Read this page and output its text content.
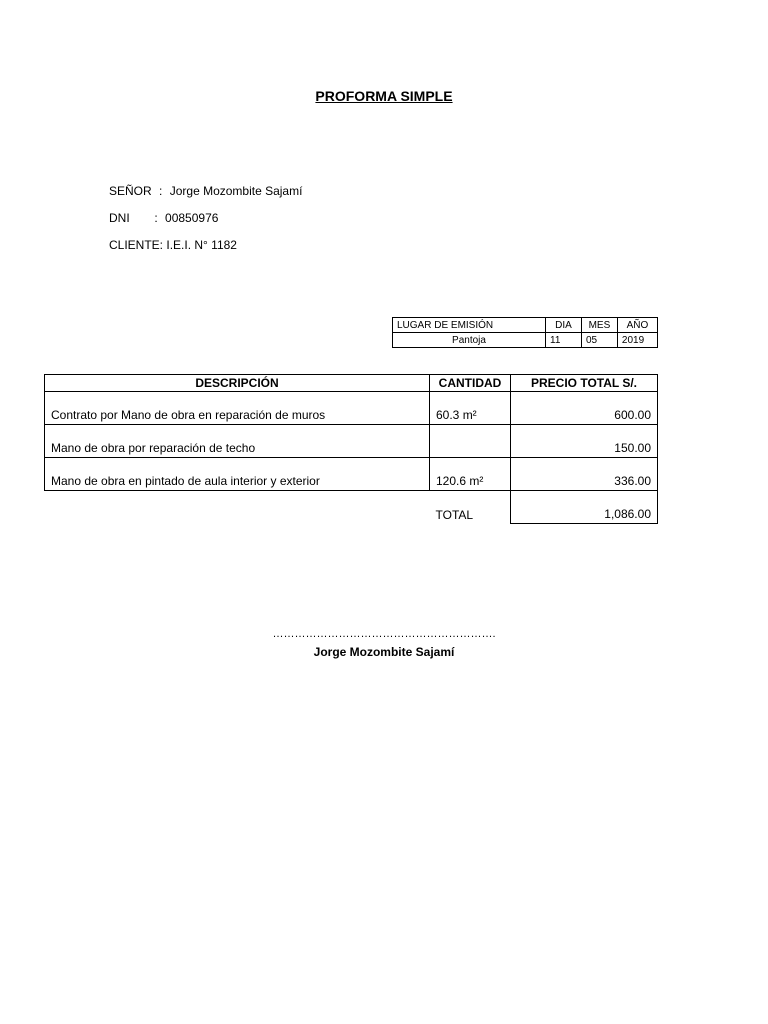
PROFORMA SIMPLE
SEÑOR : Jorge Mozombite Sajamí
DNI : 00850976
CLIENTE: I.E.I. N° 1182
LUGAR DE EMISIÓN	DIA	MES	AÑO
Pantoja	11	05	2019
DESCRIPCIÓN	CANTIDAD	PRECIO TOTAL S/.
Contrato por Mano de obra en reparación de muros	60.3 m²	600.00
Mano de obra por reparación de techo		150.00
Mano de obra en pintado de aula interior y exterior	120.6 m²	336.00
	TOTAL	1,086.00
…………………………………………………….
Jorge Mozombite Sajamí
